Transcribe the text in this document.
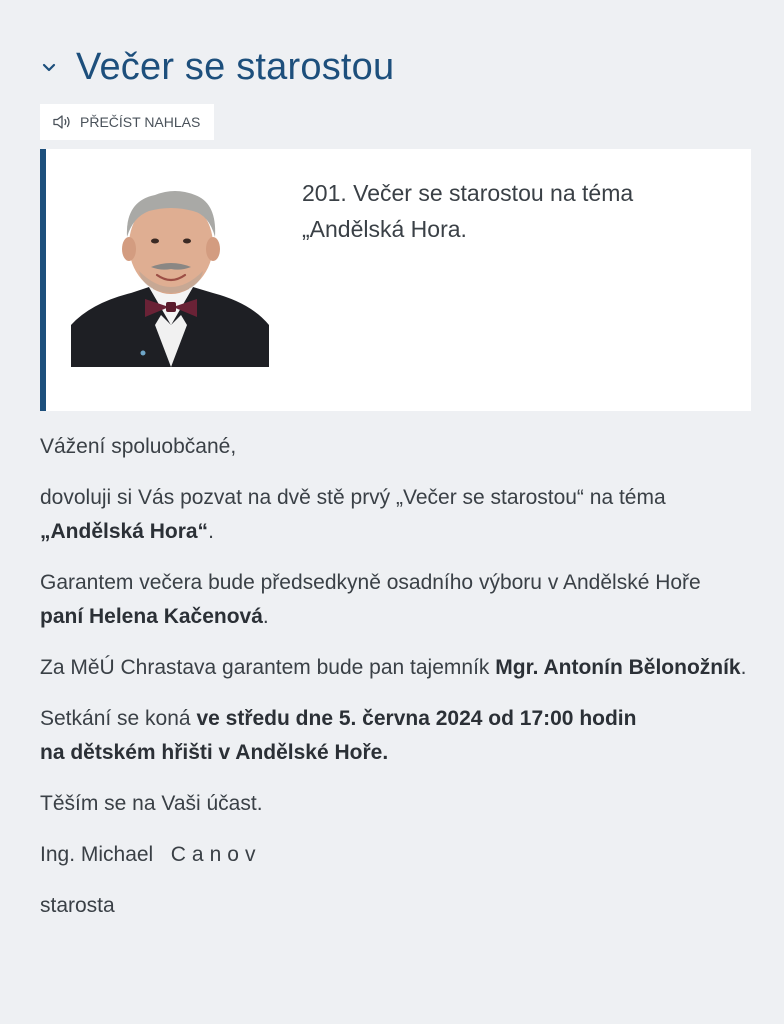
Večer se starostou
PŘEČÍST NAHLAS
201. Večer se starostou na téma
„Andělská Hora.

Vážení spoluobčané,

dovoluji si Vás pozvat na dvě stě prvý „Večer se starostou“ na téma
„Andělská Hora“.

Garantem večera bude předsedkyně osadního výboru v Andělské Hoře
paní Helena Kačenová.

Za MěÚ Chrastava garantem bude pan tajemník Mgr. Antonín Bělonožník.

Setkání se koná ve středu dne 5. června 2024 od 17:00 hodin
na dětském hřišti v Andělské Hoře.

Těším se na Vaši účast.

Ing. Michael Canov

starosta
